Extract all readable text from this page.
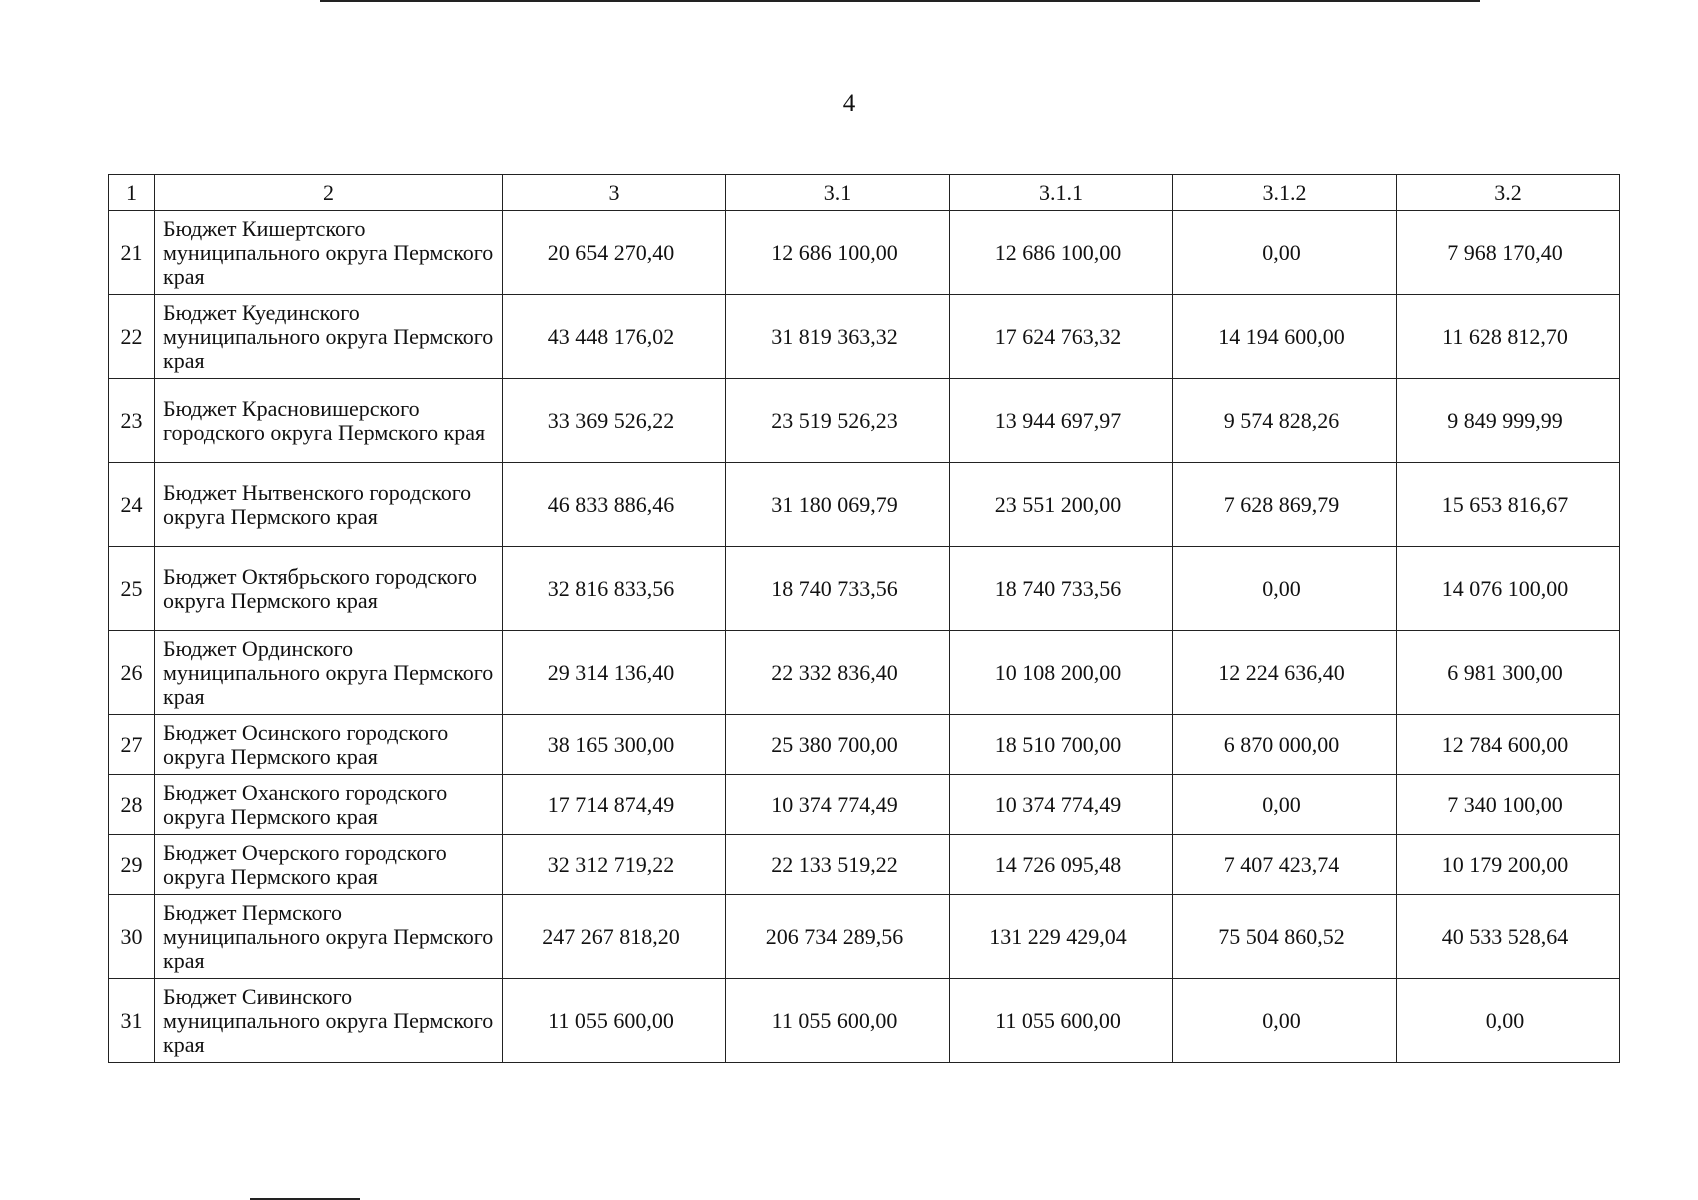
4
1	2	3	3.1	3.1.1	3.1.2	3.2
21	Бюджет Кишертского муниципального округа Пермского края	20 654 270,40	12 686 100,00	12 686 100,00	0,00	7 968 170,40
22	Бюджет Куединского муниципального округа Пермского края	43 448 176,02	31 819 363,32	17 624 763,32	14 194 600,00	11 628 812,70
23	Бюджет Красновишерского городского округа Пермского края	33 369 526,22	23 519 526,23	13 944 697,97	9 574 828,26	9 849 999,99
24	Бюджет Нытвенского городского округа Пермского края	46 833 886,46	31 180 069,79	23 551 200,00	7 628 869,79	15 653 816,67
25	Бюджет Октябрьского городского округа Пермского края	32 816 833,56	18 740 733,56	18 740 733,56	0,00	14 076 100,00
26	Бюджет Ординского муниципального округа Пермского края	29 314 136,40	22 332 836,40	10 108 200,00	12 224 636,40	6 981 300,00
27	Бюджет Осинского городского округа Пермского края	38 165 300,00	25 380 700,00	18 510 700,00	6 870 000,00	12 784 600,00
28	Бюджет Оханского городского округа Пермского края	17 714 874,49	10 374 774,49	10 374 774,49	0,00	7 340 100,00
29	Бюджет Очерского городского округа Пермского края	32 312 719,22	22 133 519,22	14 726 095,48	7 407 423,74	10 179 200,00
30	Бюджет Пермского муниципального округа Пермского края	247 267 818,20	206 734 289,56	131 229 429,04	75 504 860,52	40 533 528,64
31	Бюджет Сивинского муниципального округа Пермского края	11 055 600,00	11 055 600,00	11 055 600,00	0,00	0,00
